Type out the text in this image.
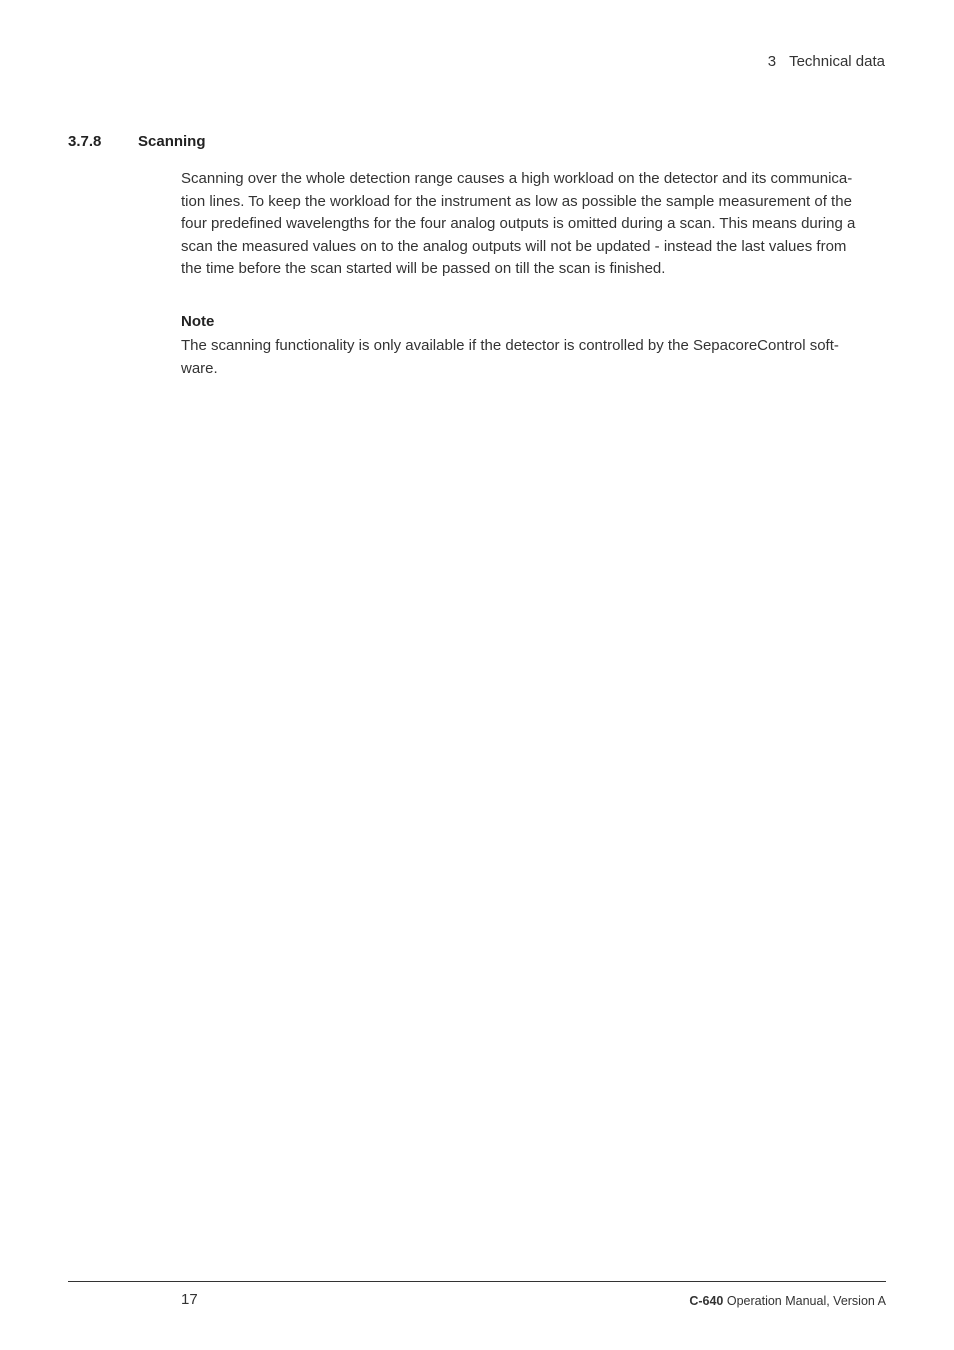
3 Technical data
3.7.8 Scanning
Scanning over the whole detection range causes a high workload on the detector and its communica-
tion lines. To keep the workload for the instrument as low as possible the sample measurement of the
four predefined wavelengths for the four analog outputs is omitted during a scan. This means during a
scan the measured values on to the analog outputs will not be updated - instead the last values from
the time before the scan started will be passed on till the scan is finished.
Note
The scanning functionality is only available if the detector is controlled by the SepacoreControl soft-
ware.
17	C-640 Operation Manual, Version A
